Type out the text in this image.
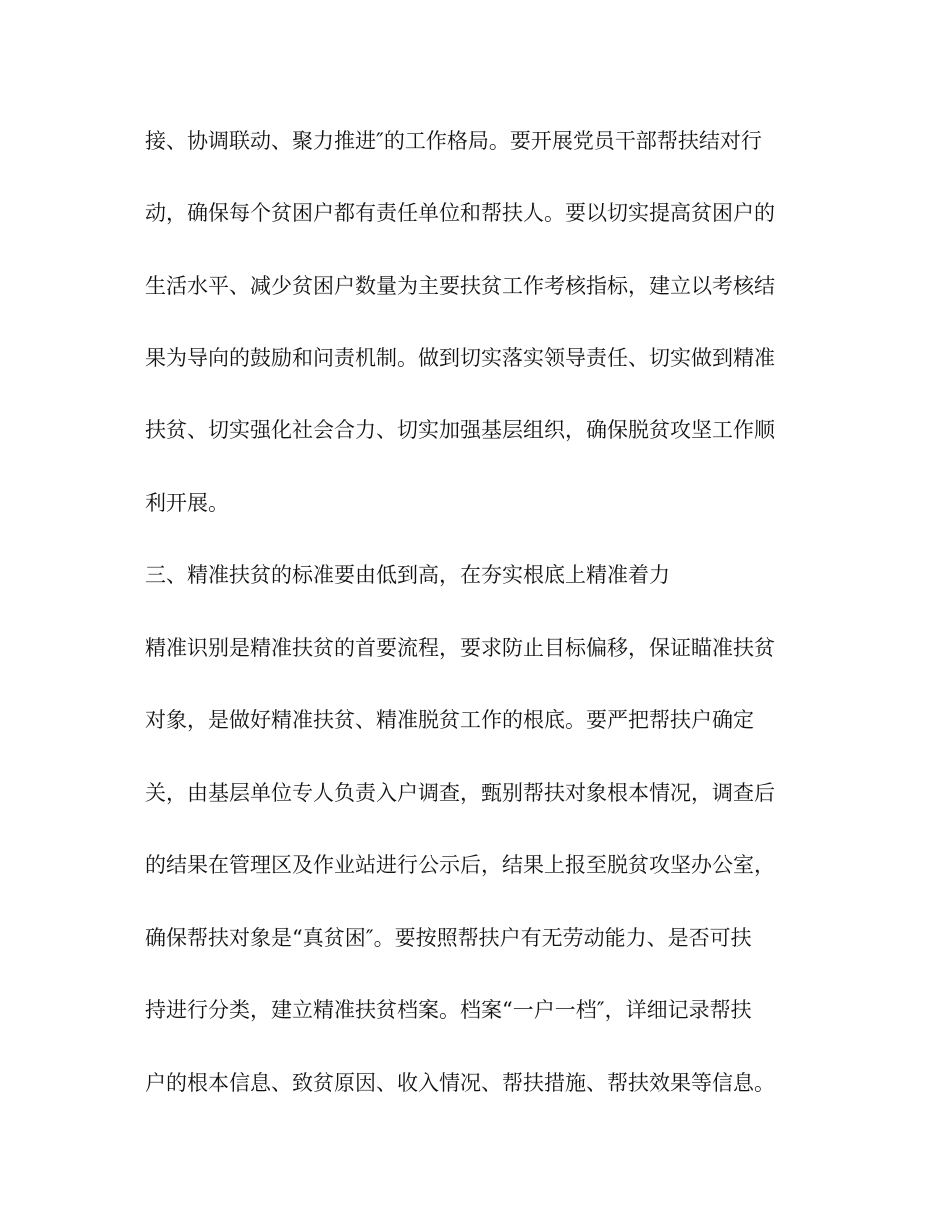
接、协调联动、聚力推进″的工作格局。要开展党员干部帮扶结对行
动，确保每个贫困户都有责任单位和帮扶人。要以切实提高贫困户的
生活水平、减少贫困户数量为主要扶贫工作考核指标，建立以考核结
果为导向的鼓励和问责机制。做到切实落实领导责任、切实做到精准
扶贫、切实强化社会合力、切实加强基层组织，确保脱贫攻坚工作顺
利开展。
三、精准扶贫的标准要由低到高，在夯实根底上精准着力
精准识别是精准扶贫的首要流程，要求防止目标偏移，保证瞄准扶贫
对象，是做好精准扶贫、精准脱贫工作的根底。要严把帮扶户确定
关，由基层单位专人负责入户调查，甄别帮扶对象根本情况，调查后
的结果在管理区及作业站进行公示后，结果上报至脱贫攻坚办公室，
确保帮扶对象是“真贫困″。要按照帮扶户有无劳动能力、是否可扶
持进行分类，建立精准扶贫档案。档案“一户一档″，详细记录帮扶
户的根本信息、致贫原因、收入情况、帮扶措施、帮扶效果等信息。
